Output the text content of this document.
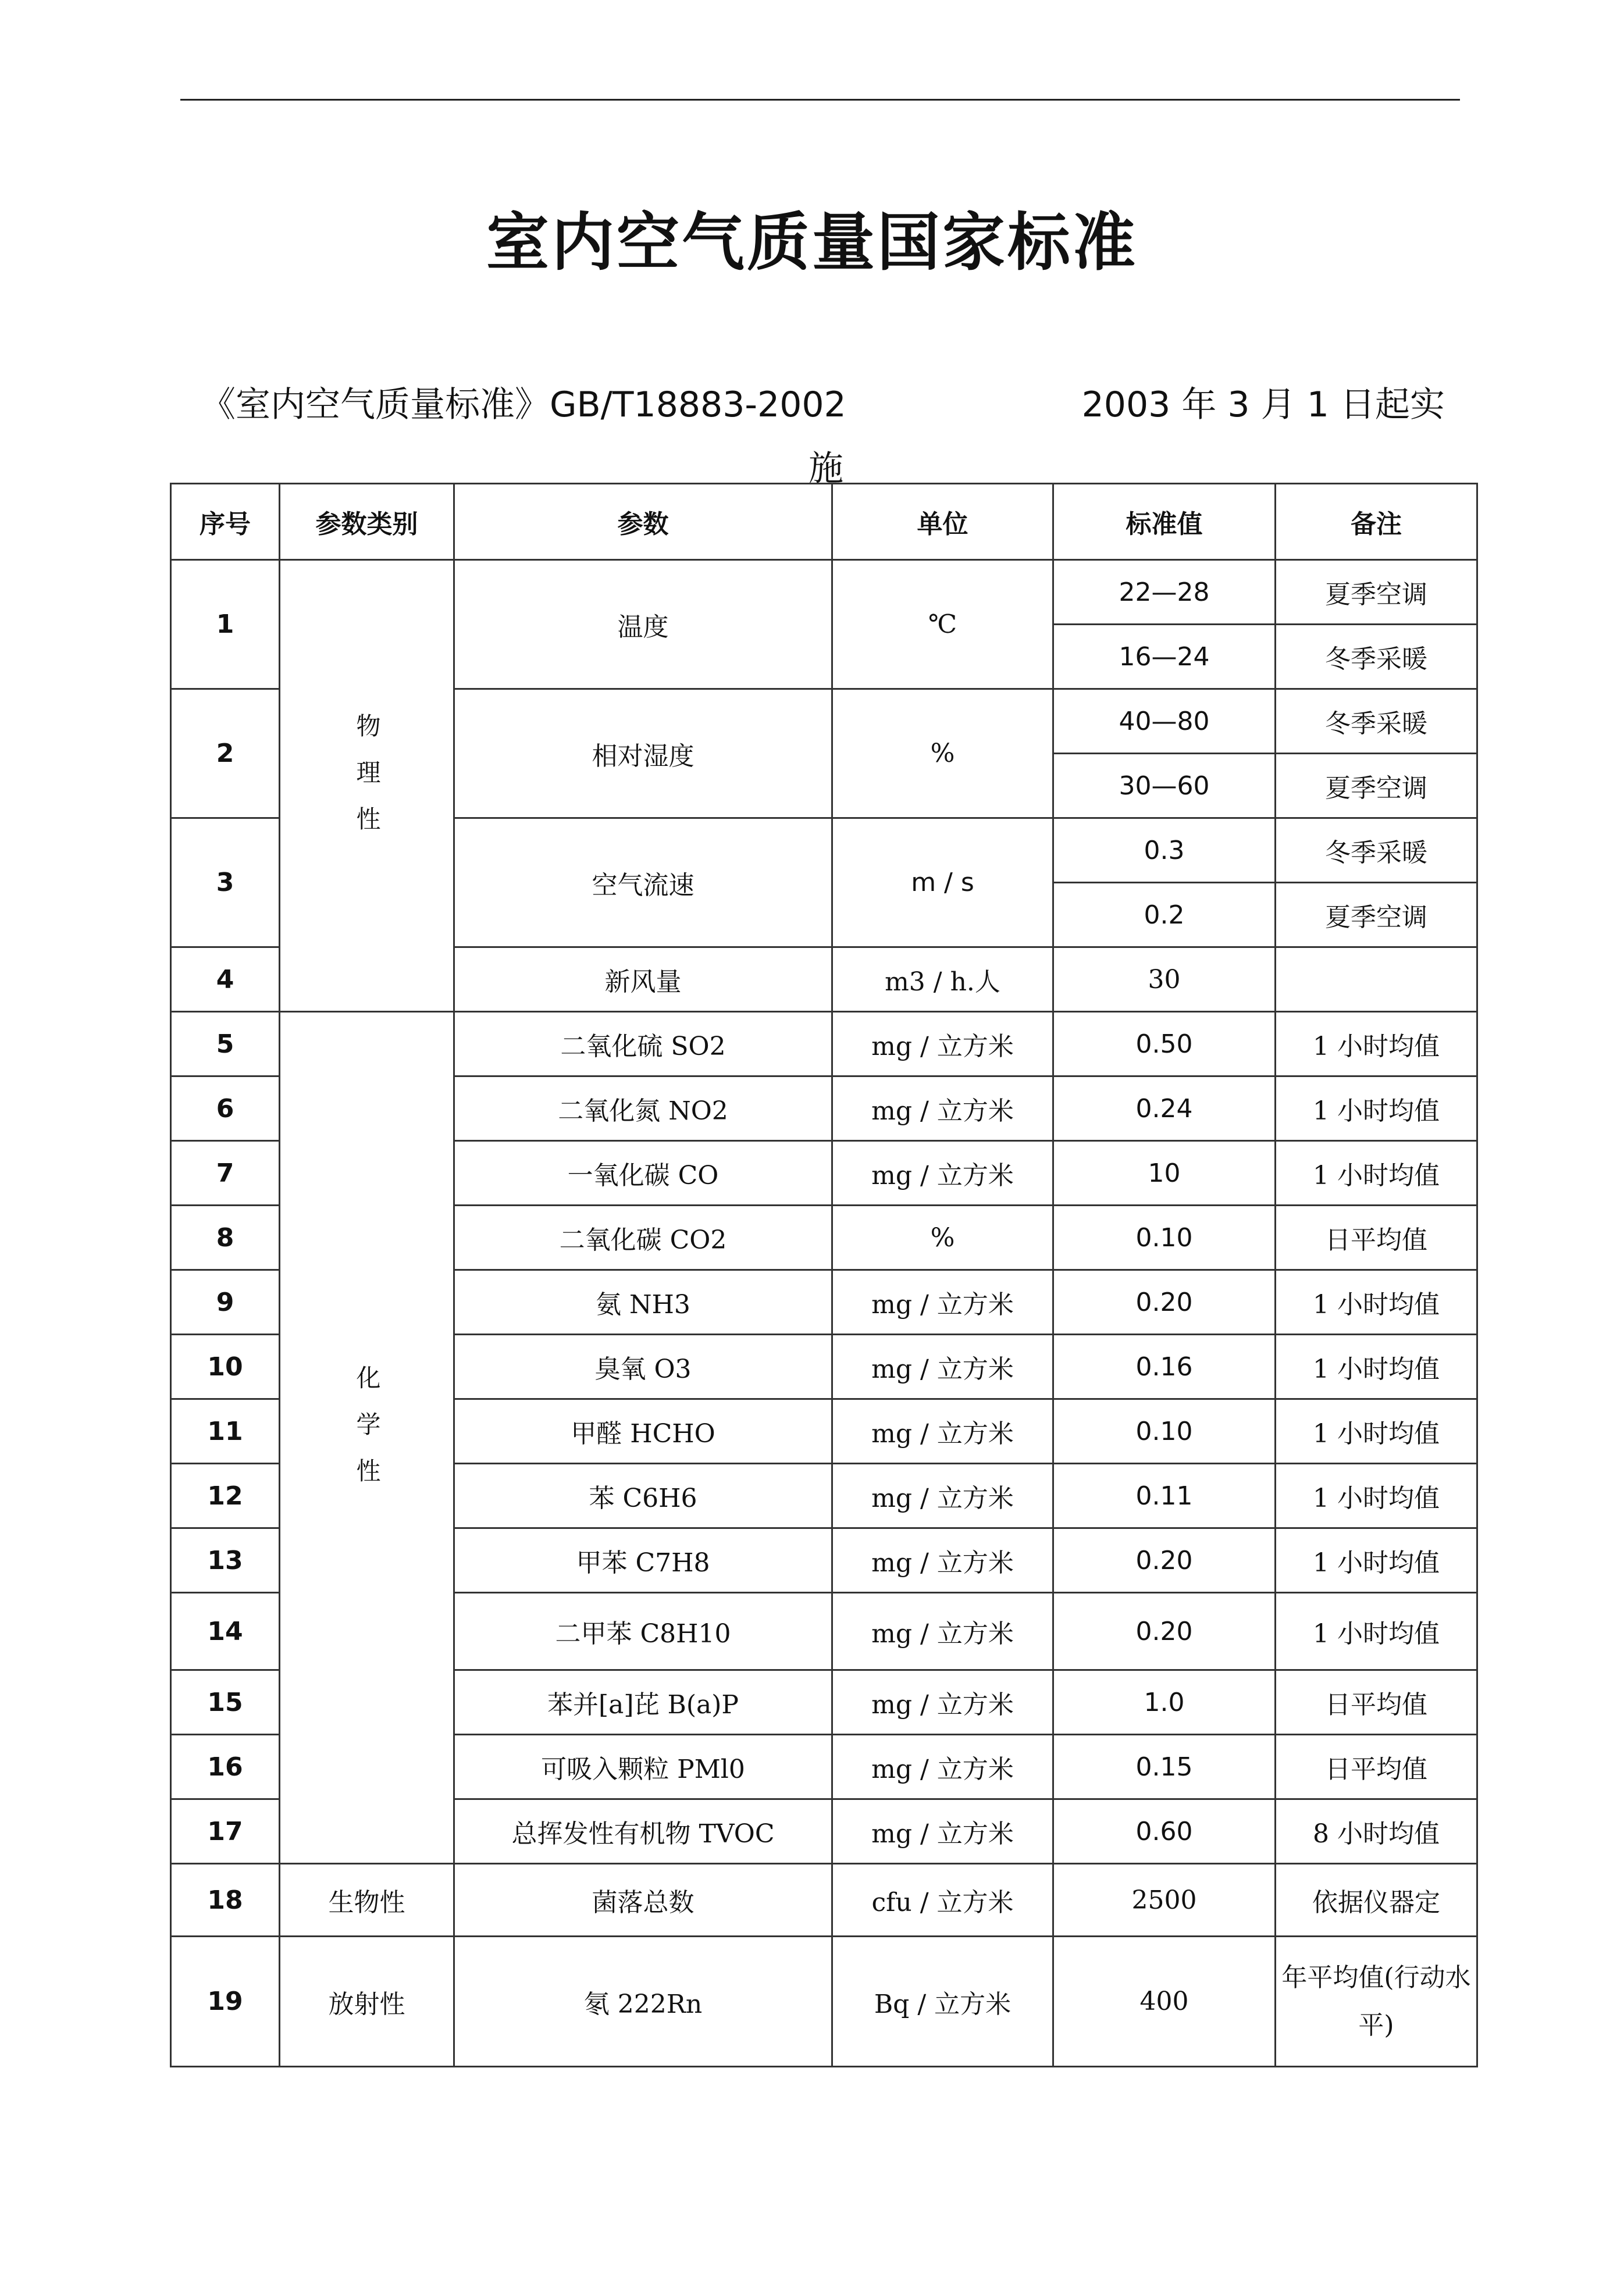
室内空气质量国家标准
《室内空气质量标准》GB/T18883-2002	2003 年 3 月 1 日起实
施
序号	参数类别	参数	单位	标准值	备注
1	物理性	温度	℃	22—28	夏季空调
				16—24	冬季采暖
2		相对湿度	%	40—80	冬季采暖
				30—60	夏季空调
3		空气流速	m / s	0.3	冬季采暖
				0.2	夏季空调
4		新风量	m3 / h.人	30	
5	化学性	二氧化硫 SO2	mg / 立方米	0.50	1 小时均值
6		二氧化氮 NO2	mg / 立方米	0.24	1 小时均值
7		一氧化碳 CO	mg / 立方米	10	1 小时均值
8		二氧化碳 CO2	%	0.10	日平均值
9		氨 NH3	mg / 立方米	0.20	1 小时均值
10		臭氧 O3	mg / 立方米	0.16	1 小时均值
11		甲醛 HCHO	mg / 立方米	0.10	1 小时均值
12		苯 C6H6	mg / 立方米	0.11	1 小时均值
13		甲苯 C7H8	mg / 立方米	0.20	1 小时均值
14		二甲苯 C8H10	mg / 立方米	0.20	1 小时均值
15		苯并[a]芘 B(a)P	mg / 立方米	1.0	日平均值
16		可吸入颗粒 PMl0	mg / 立方米	0.15	日平均值
17		总挥发性有机物 TVOC	mg / 立方米	0.60	8 小时均值
18	生物性	菌落总数	cfu / 立方米	2500	依据仪器定
19	放射性	氡 222Rn	Bq / 立方米	400	年平均值(行动水平)
